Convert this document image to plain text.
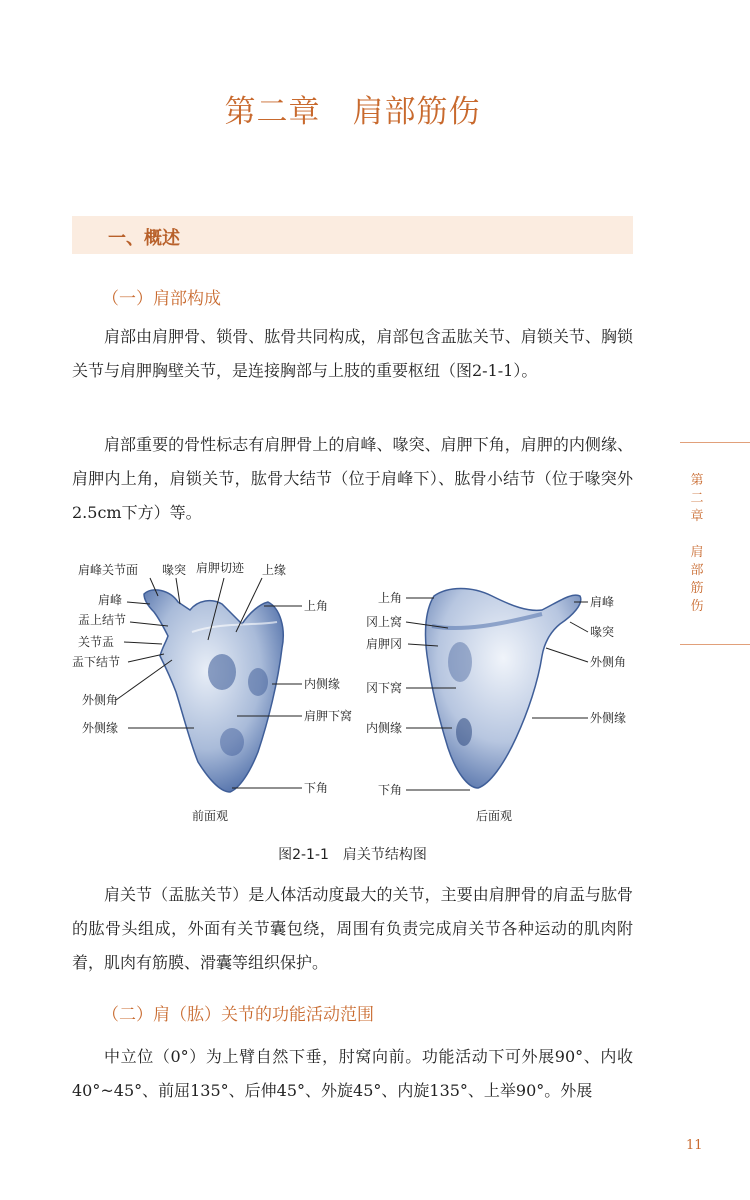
第二章　肩部筋伤
一、概述
（一）肩部构成
肩部由肩胛骨、锁骨、肱骨共同构成，肩部包含盂肱关节、肩锁关节、胸锁关节与肩胛胸壁关节，是连接胸部与上肢的重要枢纽（图2-1-1）。
肩部重要的骨性标志有肩胛骨上的肩峰、喙突、肩胛下角，肩胛的内侧缘、肩胛内上角，肩锁关节，肱骨大结节（位于肩峰下）、肱骨小结节（位于喙突外2.5cm下方）等。
肩峰关节面 喙突 肩胛切迹 上缘
肩峰
盂上结节
关节盂
盂下结节
上角
外侧角
内侧缘
肩胛下窝
外侧缘
下角
前面观
上角
冈上窝
肩胛冈
冈下窝
内侧缘
下角
肩峰
喙突
外侧角
外侧缘
后面观
图2-1-1　肩关节结构图
肩关节（盂肱关节）是人体活动度最大的关节，主要由肩胛骨的肩盂与肱骨的肱骨头组成，外面有关节囊包绕，周围有负责完成肩关节各种运动的肌肉附着，肌肉有筋膜、滑囊等组织保护。
（二）肩（肱）关节的功能活动范围
中立位（0°）为上臂自然下垂，肘窝向前。功能活动下可外展90°、内收40°~45°、前屈135°、后伸45°、外旋45°、内旋135°、上举90°。外展
第
二
章
肩
部
筋
伤
11
